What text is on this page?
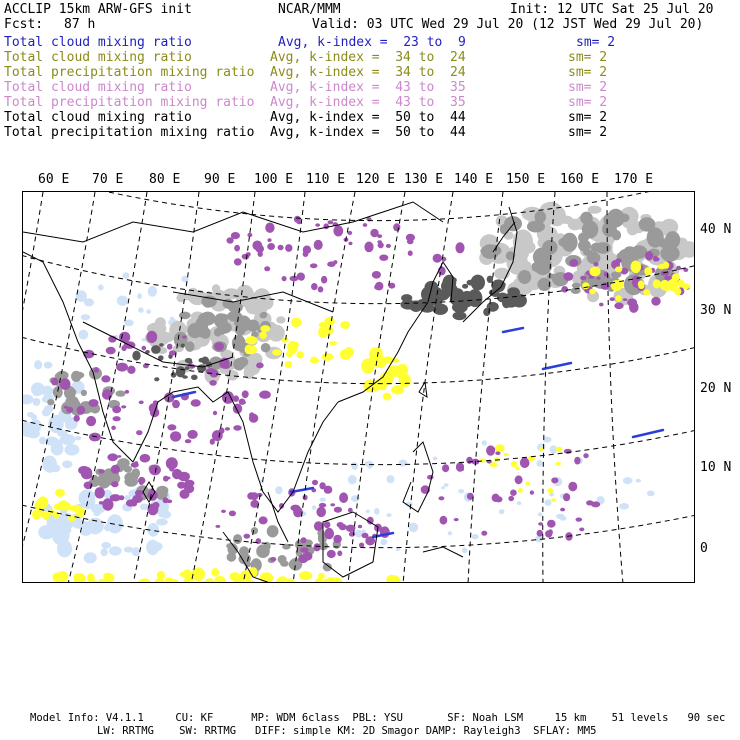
ACCLIP 15km ARW-GFS init	NCAR/MMM	Init: 12 UTC Sat 25 Jul 20
Fcst: 87 h	Valid: 03 UTC Wed 29 Jul 20 (12 JST Wed 29 Jul 20)
Total cloud mixing ratio	Avg, k-index =  23 to  9	sm= 2
Total cloud mixing ratio	Avg, k-index =  34 to  24	sm= 2
Total precipitation mixing ratio Avg, k-index =  34 to  24	sm= 2
Total cloud mixing ratio	Avg, k-index =  43 to  35	sm= 2
Total precipitation mixing ratio Avg, k-index =  43 to  35	sm= 2
Total cloud mixing ratio	Avg, k-index =  50 to  44	sm= 2
Total precipitation mixing ratio Avg, k-index =  50 to  44	sm= 2
60 E 70 E 80 E 90 E 100 E 110 E 120 E 130 E 140 E 150 E 160 E 170 E
40 N
30 N
20 N
10 N
0
Model Info: V4.1.1     CU: KF      MP: WDM 6class  PBL: YSU       SF: Noah LSM     15 km    51 levels   90 sec
LW: RRTMG    SW: RRTMG   DIFF: simple KM: 2D Smagor DAMP: Rayleigh3  SFLAY: MM5
